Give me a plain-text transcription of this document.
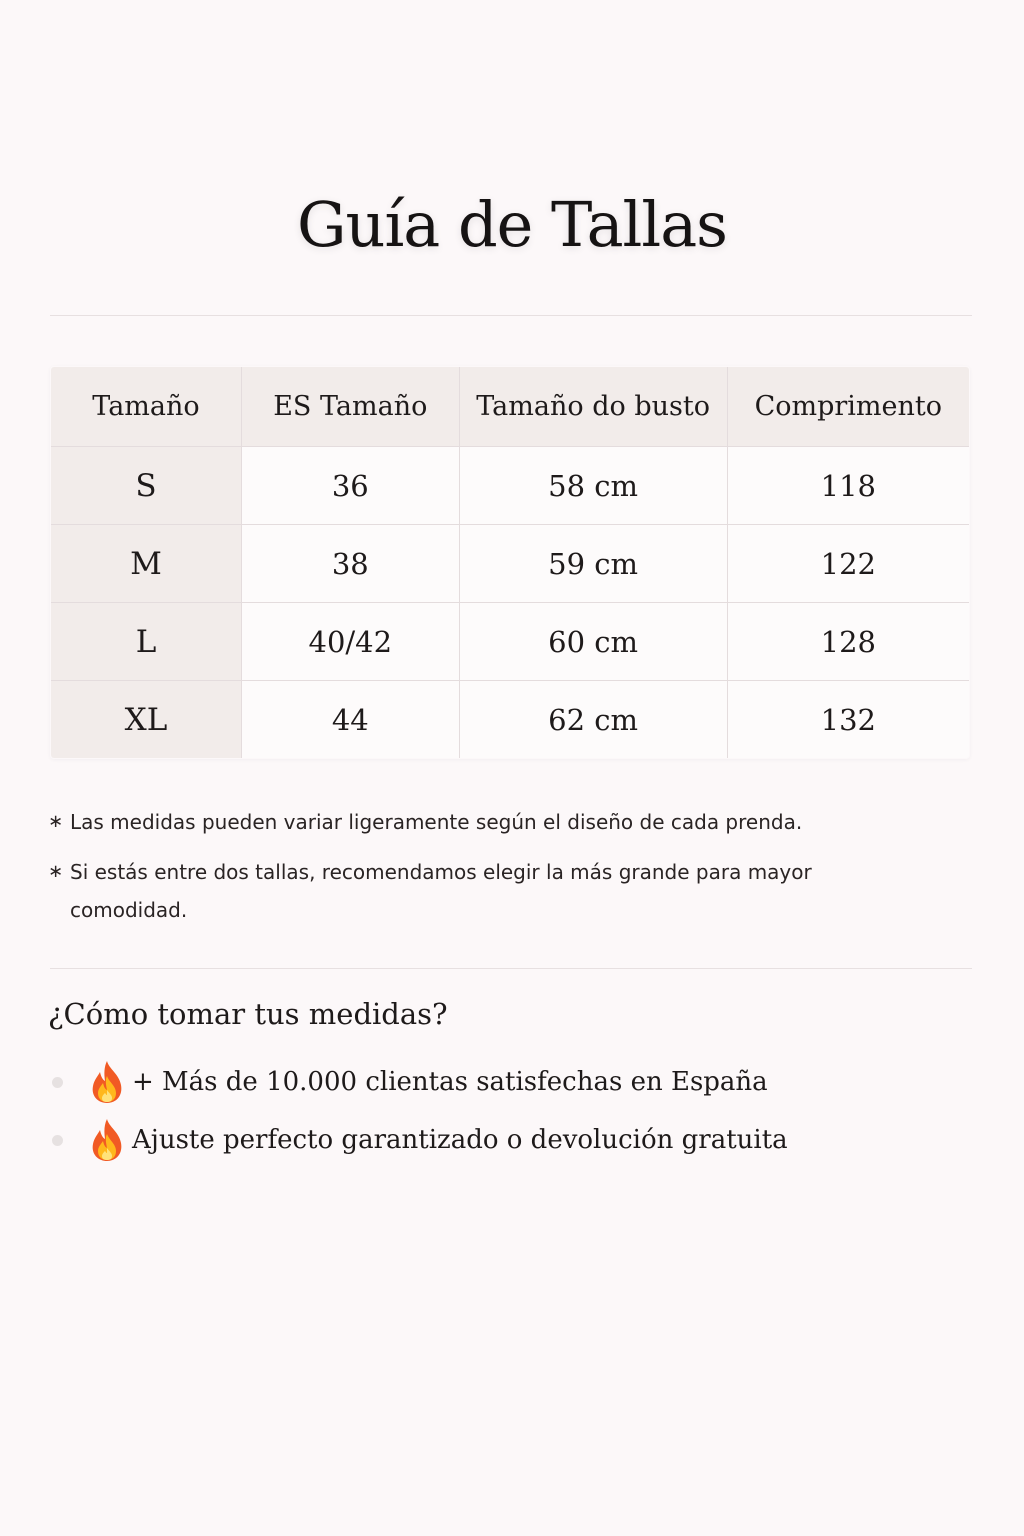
Guía de Tallas
Tamaño	ES Tamaño	Tamaño do busto	Comprimento
S	36	58 cm	118
M	38	59 cm	122
L	40/42	60 cm	128
XL	44	62 cm	132
∗ Las medidas pueden variar ligeramente según el diseño de cada prenda.
∗ Si estás entre dos tallas, recomendamos elegir la más grande para mayor comodidad.
¿Cómo tomar tus medidas?
+ Más de 10.000 clientas satisfechas en España
Ajuste perfecto garantizado o devolución gratuita
